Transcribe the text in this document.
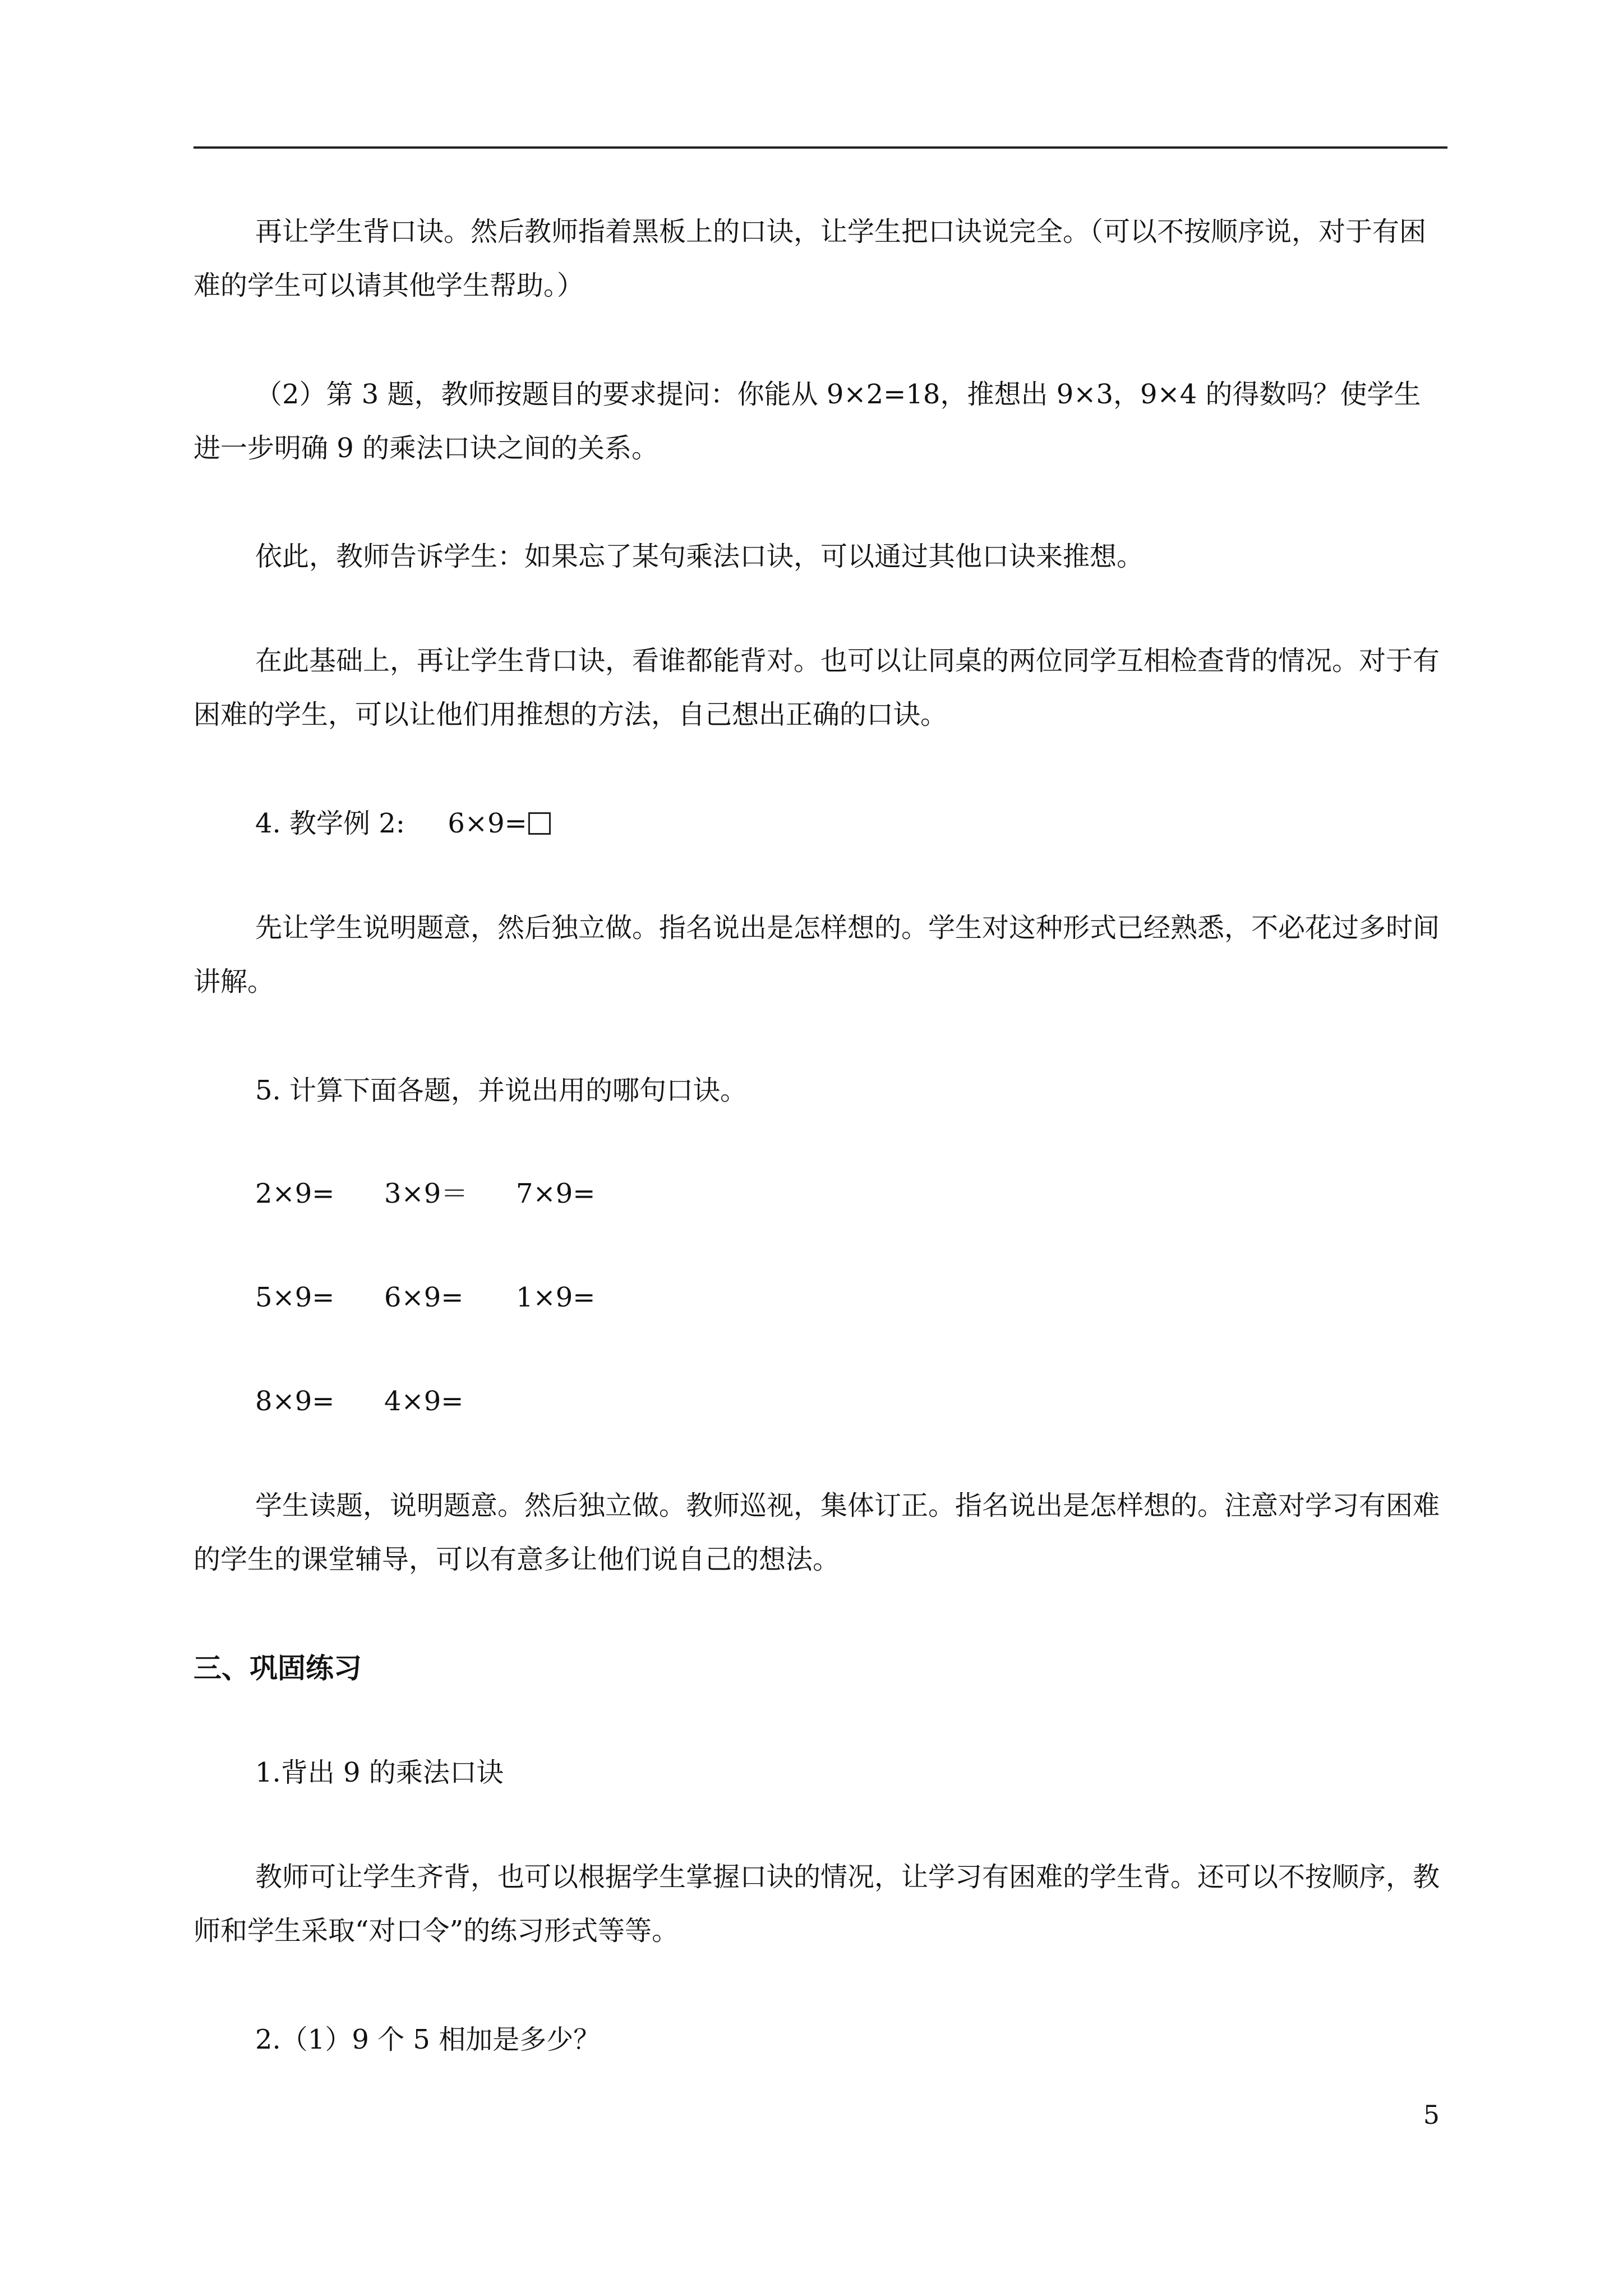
再让学生背口诀。然后教师指着黑板上的口诀，让学生把口诀说完全。（可以不按顺序说，对于有困难的学生可以请其他学生帮助。）

（2）第 3 题，教师按题目的要求提问：你能从 9×2=18，推想出 9×3，9×4 的得数吗？使学生进一步明确 9 的乘法口诀之间的关系。

依此，教师告诉学生：如果忘了某句乘法口诀，可以通过其他口诀来推想。

在此基础上，再让学生背口诀，看谁都能背对。也可以让同桌的两位同学互相检查背的情况。对于有困难的学生，可以让他们用推想的方法，自己想出正确的口诀。

4. 教学例 2: 6×9=

先让学生说明题意，然后独立做。指名说出是怎样想的。学生对这种形式已经熟悉，不必花过多时间讲解。

5. 计算下面各题，并说出用的哪句口诀。
2×9=	3×9＝	7×9=
5×9=	6×9=	1×9=
8×9=	4×9=

学生读题，说明题意。然后独立做。教师巡视，集体订正。指名说出是怎样想的。注意对学习有困难的学生的课堂辅导，可以有意多让他们说自己的想法。

三、巩固练习
1.背出 9 的乘法口诀

教师可让学生齐背，也可以根据学生掌握口诀的情况，让学习有困难的学生背。还可以不按顺序，教师和学生采取“对口令”的练习形式等等。

2.（1）9 个 5 相加是多少？
5
